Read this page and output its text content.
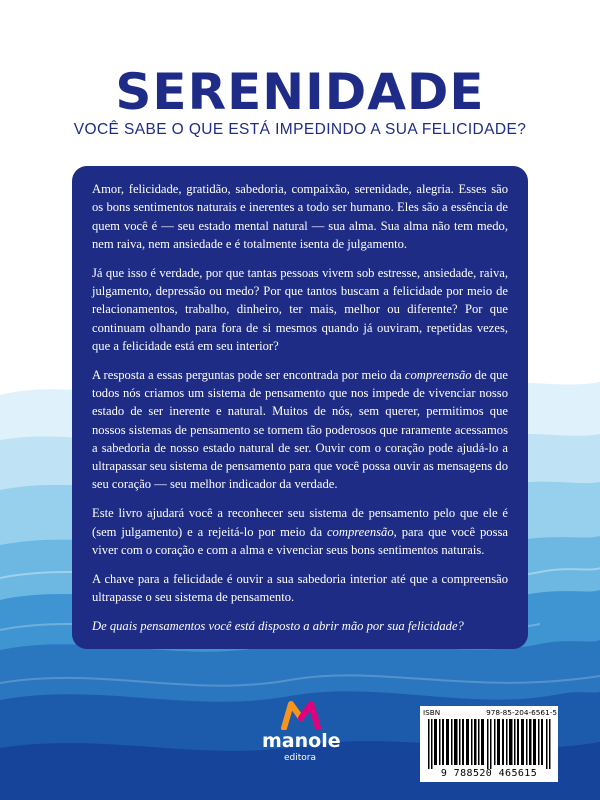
SERENIDADE
VOCÊ SABE O QUE ESTÁ IMPEDINDO A SUA FELICIDADE?

Amor, felicidade, gratidão, sabedoria, compaixão, serenidade, alegria. Esses são os bons sentimentos naturais e inerentes a todo ser humano. Eles são a essência de quem você é — seu estado mental natural — sua alma. Sua alma não tem medo, nem raiva, nem ansiedade e é totalmente isenta de julgamento.

Já que isso é verdade, por que tantas pessoas vivem sob estresse, ansiedade, raiva, julgamento, depressão ou medo? Por que tantos buscam a felicidade por meio de relacionamentos, trabalho, dinheiro, ter mais, melhor ou diferente? Por que continuam olhando para fora de si mesmos quando já ouviram, repetidas vezes, que a felicidade está em seu interior?

A resposta a essas perguntas pode ser encontrada por meio da compreensão de que todos nós criamos um sistema de pensamento que nos impede de vivenciar nosso estado de ser inerente e natural. Muitos de nós, sem querer, permitimos que nossos sistemas de pensamento se tornem tão poderosos que raramente acessamos a sabedoria de nosso estado natural de ser. Ouvir com o coração pode ajudá-lo a ultrapassar seu sistema de pensamento para que você possa ouvir as mensagens do seu coração — seu melhor indicador da verdade.

Este livro ajudará você a reconhecer seu sistema de pensamento pelo que ele é (sem julgamento) e a rejeitá-lo por meio da compreensão, para que você possa viver com o coração e com a alma e vivenciar seus bons sentimentos naturais.

A chave para a felicidade é ouvir a sua sabedoria interior até que a compreensão ultrapasse o seu sistema de pensamento.

De quais pensamentos você está disposto a abrir mão por sua felicidade?

manole
editora
ISBN	978-85-204-6561-5
9 788520 465615
